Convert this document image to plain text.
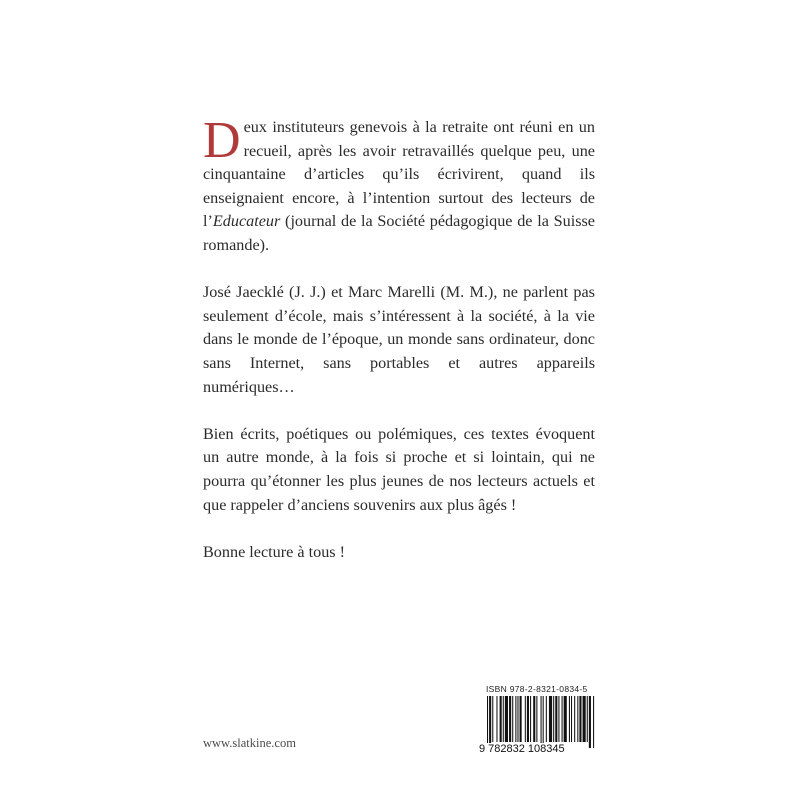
Deux instituteurs genevois à la retraite ont réuni en un recueil, après les avoir retravaillés quelque peu, une cinquantaine d’articles qu’ils écrivirent, quand ils enseignaient encore, à l’intention surtout des lecteurs de l’Educateur (journal de la Société pédagogique de la Suisse romande).

José Jaecklé (J. J.) et Marc Marelli (M. M.), ne parlent pas seulement d’école, mais s’intéressent à la société, à la vie dans le monde de l’époque, un monde sans ordinateur, donc sans Internet, sans portables et autres appareils numériques…

Bien écrits, poétiques ou polémiques, ces textes évoquent un autre monde, à la fois si proche et si lointain, qui ne pourra qu’étonner les plus jeunes de nos lecteurs actuels et que rappeler d’anciens souvenirs aux plus âgés !

Bonne lecture à tous !

www.slatkine.com
ISBN 978-2-8321-0834-5
9 782832 108345
